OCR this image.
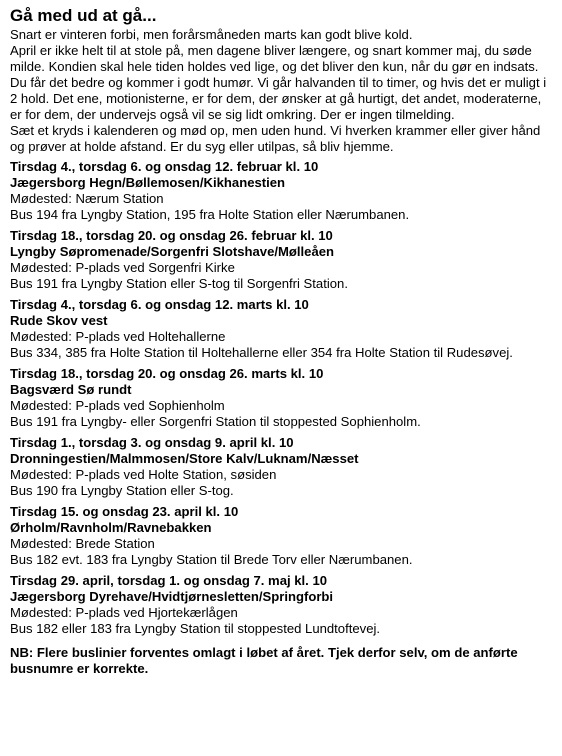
Gå med ud at gå...

Snart er vinteren forbi, men forårsmåneden marts kan godt blive kold.

April er ikke helt til at stole på, men dagene bliver længere, og snart kommer maj, du søde milde. Kondien skal hele tiden holdes ved lige, og det bliver den kun, når du gør en indsats. Du får det bedre og kommer i godt humør. Vi går halvanden til to timer, og hvis det er muligt i 2 hold. Det ene, motionisterne, er for dem, der ønsker at gå hurtigt, det andet, moderaterne, er for dem, der undervejs også vil se sig lidt omkring. Der er ingen tilmelding.

Sæt et kryds i kalenderen og mød op, men uden hund. Vi hverken krammer eller giver hånd og prøver at holde afstand. Er du syg eller utilpas, så bliv hjemme.

Tirsdag 4., torsdag 6. og onsdag 12. februar kl. 10
Jægersborg Hegn/Bøllemosen/Kikhanestien
Mødested: Nærum Station
Bus 194 fra Lyngby Station, 195 fra Holte Station eller Nærumbanen.
Tirsdag 18., torsdag 20. og onsdag 26. februar kl. 10
Lyngby Søpromenade/Sorgenfri Slotshave/Mølleåen
Mødested: P-plads ved Sorgenfri Kirke
Bus 191 fra Lyngby Station eller S-tog til Sorgenfri Station.
Tirsdag 4., torsdag 6. og onsdag 12. marts kl. 10
Rude Skov vest
Mødested: P-plads ved Holtehallerne
Bus 334, 385 fra Holte Station til Holtehallerne eller 354 fra Holte Station til Rudesøvej.
Tirsdag 18., torsdag 20. og onsdag 26. marts kl. 10
Bagsværd Sø rundt
Mødested: P-plads ved Sophienholm
Bus 191 fra Lyngby- eller Sorgenfri Station til stoppested Sophienholm.
Tirsdag 1., torsdag 3. og onsdag 9. april kl. 10
Dronningestien/Malmmosen/Store Kalv/Luknam/Næsset
Mødested: P-plads ved Holte Station, søsiden
Bus 190 fra Lyngby Station eller S-tog.
Tirsdag 15. og onsdag 23. april kl. 10
Ørholm/Ravnholm/Ravnebakken
Mødested: Brede Station
Bus 182 evt. 183 fra Lyngby Station til Brede Torv eller Nærumbanen.
Tirsdag 29. april, torsdag 1. og onsdag 7. maj kl. 10
Jægersborg Dyrehave/Hvidtjørnesletten/Springforbi
Mødested: P-plads ved Hjortekærlågen
Bus 182 eller 183 fra Lyngby Station til stoppested Lundtoftevej.
NB: Flere buslinier forventes omlagt i løbet af året. Tjek derfor selv, om de anførte busnumre er korrekte.
